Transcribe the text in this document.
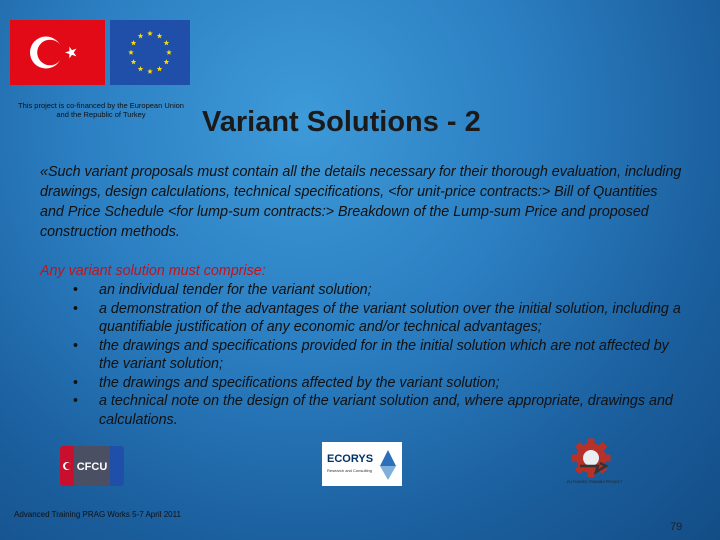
This project is co-financed by the European Union
and the Republic of Turkey	Variant Solutions - 2
«Such variant proposals must contain all the details necessary for their thorough evaluation, including drawings, design calculations, technical specifications, <for unit-price contracts:> Bill of Quantities and Price Schedule <for lump-sum contracts:> Breakdown of the Lump-sum Price and proposed construction methods.
Any variant solution must comprise:
• an individual tender for the variant solution;
• a demonstration of the advantages of the variant solution over the initial solution, including a quantifiable justification of any economic and/or technical advantages;
• the drawings and specifications provided for in the initial solution which are not affected by the variant solution;
• the drawings and specifications affected by the variant solution;
• a technical note on the design of the variant solution and, where appropriate, drawings and calculations.
CFCU
ECORYS
Research and Consulting
EU FUNDED TRAINING PROJECT
Advanced Training PRAG Works 5-7 April 2011
79
